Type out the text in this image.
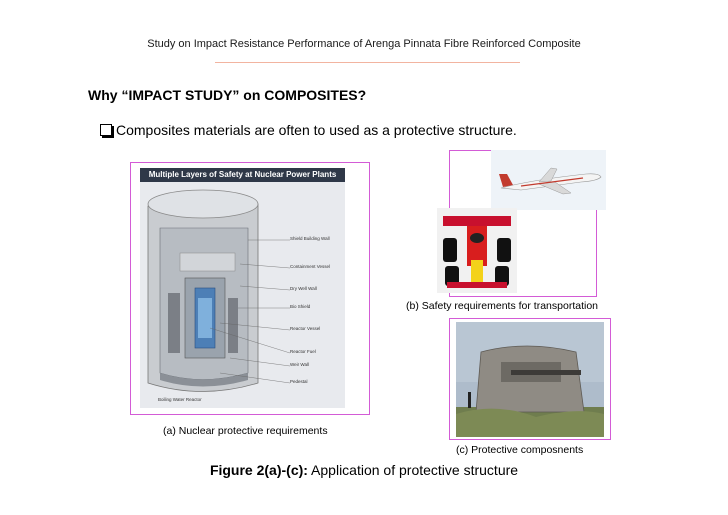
Study on Impact Resistance Performance of Arenga Pinnata Fibre Reinforced Composite
Why “IMPACT STUDY” on COMPOSITES?
Composites materials are often to used as a protective structure.
Multiple Layers of Safety at Nuclear Power Plants
Shield Building Wall
Containment Vessel
Dry Well Wall
Bio Shield
Reactor Vessel
Reactor Fuel
Weir Wall
Pedestal
Boiling Water Reactor
(a) Nuclear protective requirements
(b) Safety requirements for transportation
(c) Protective composnents
Figure 2(a)-(c): Application of protective structure
